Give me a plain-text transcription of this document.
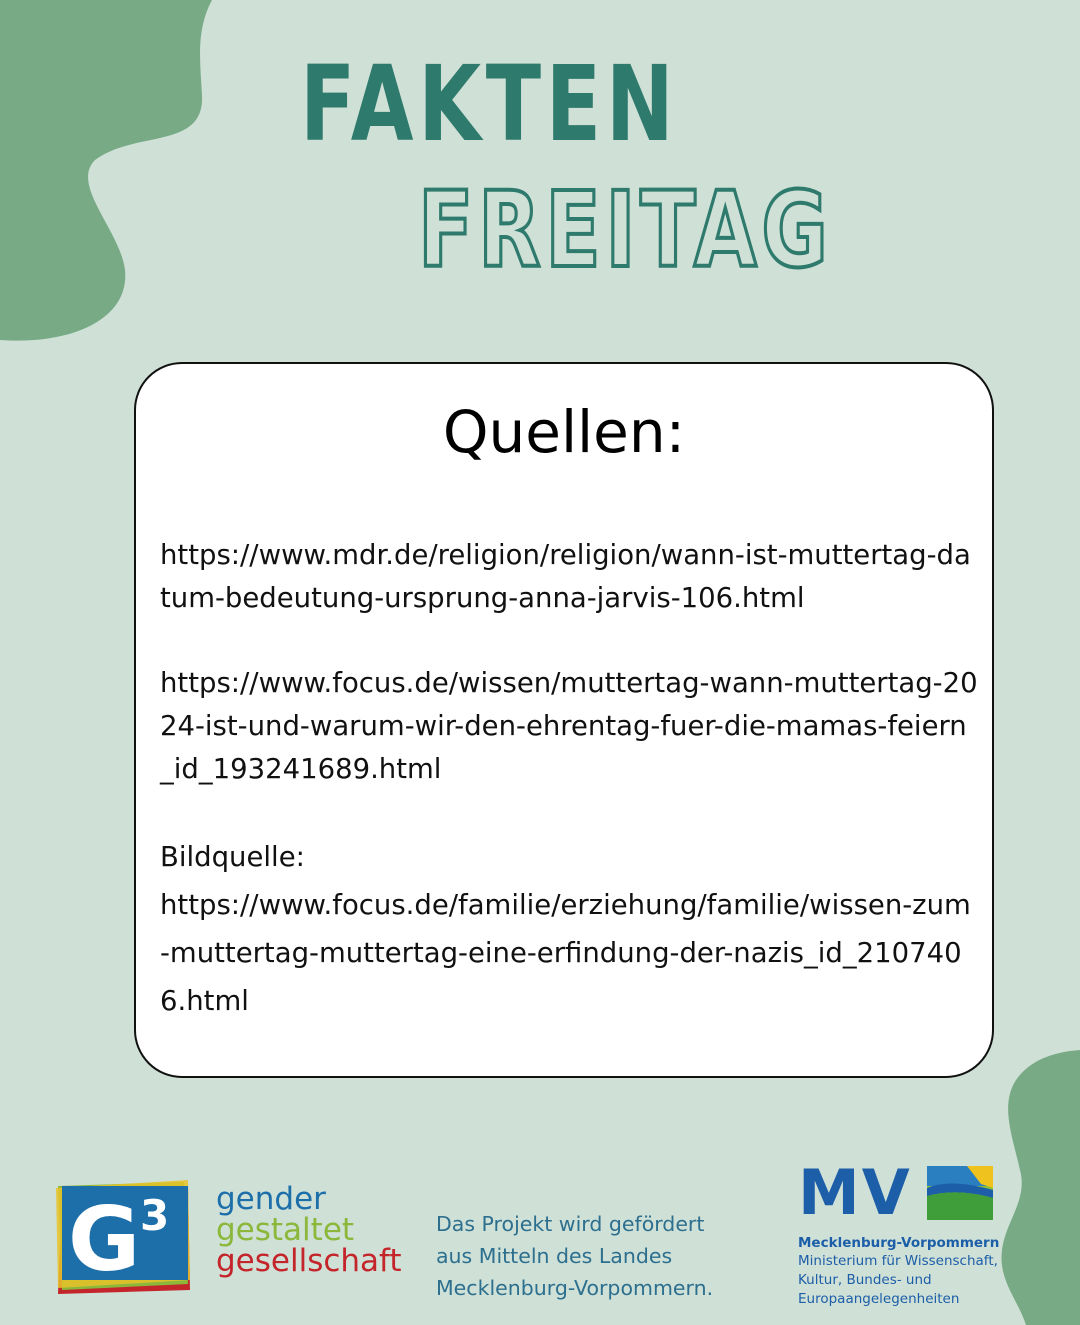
FAKTEN
FREITAG
Quellen:

https://www.mdr.de/religion/religion/wann-ist-muttertag-datum-bedeutung-ursprung-anna-jarvis-106.html

https://www.focus.de/wissen/muttertag-wann-muttertag-2024-ist-und-warum-wir-den-ehrentag-fuer-die-mamas-feiern_id_193241689.html

Bildquelle:
https://www.focus.de/familie/erziehung/familie/wissen-zum-muttertag-muttertag-eine-erfindung-der-nazis_id_2107406.html
G 3 gender
gestaltet
gesellschaft
Das Projekt wird gefördert
aus Mitteln des Landes
Mecklenburg-Vorpommern.
MV
Mecklenburg-Vorpommern
Ministerium für Wissenschaft,
Kultur, Bundes- und
Europaangelegenheiten
